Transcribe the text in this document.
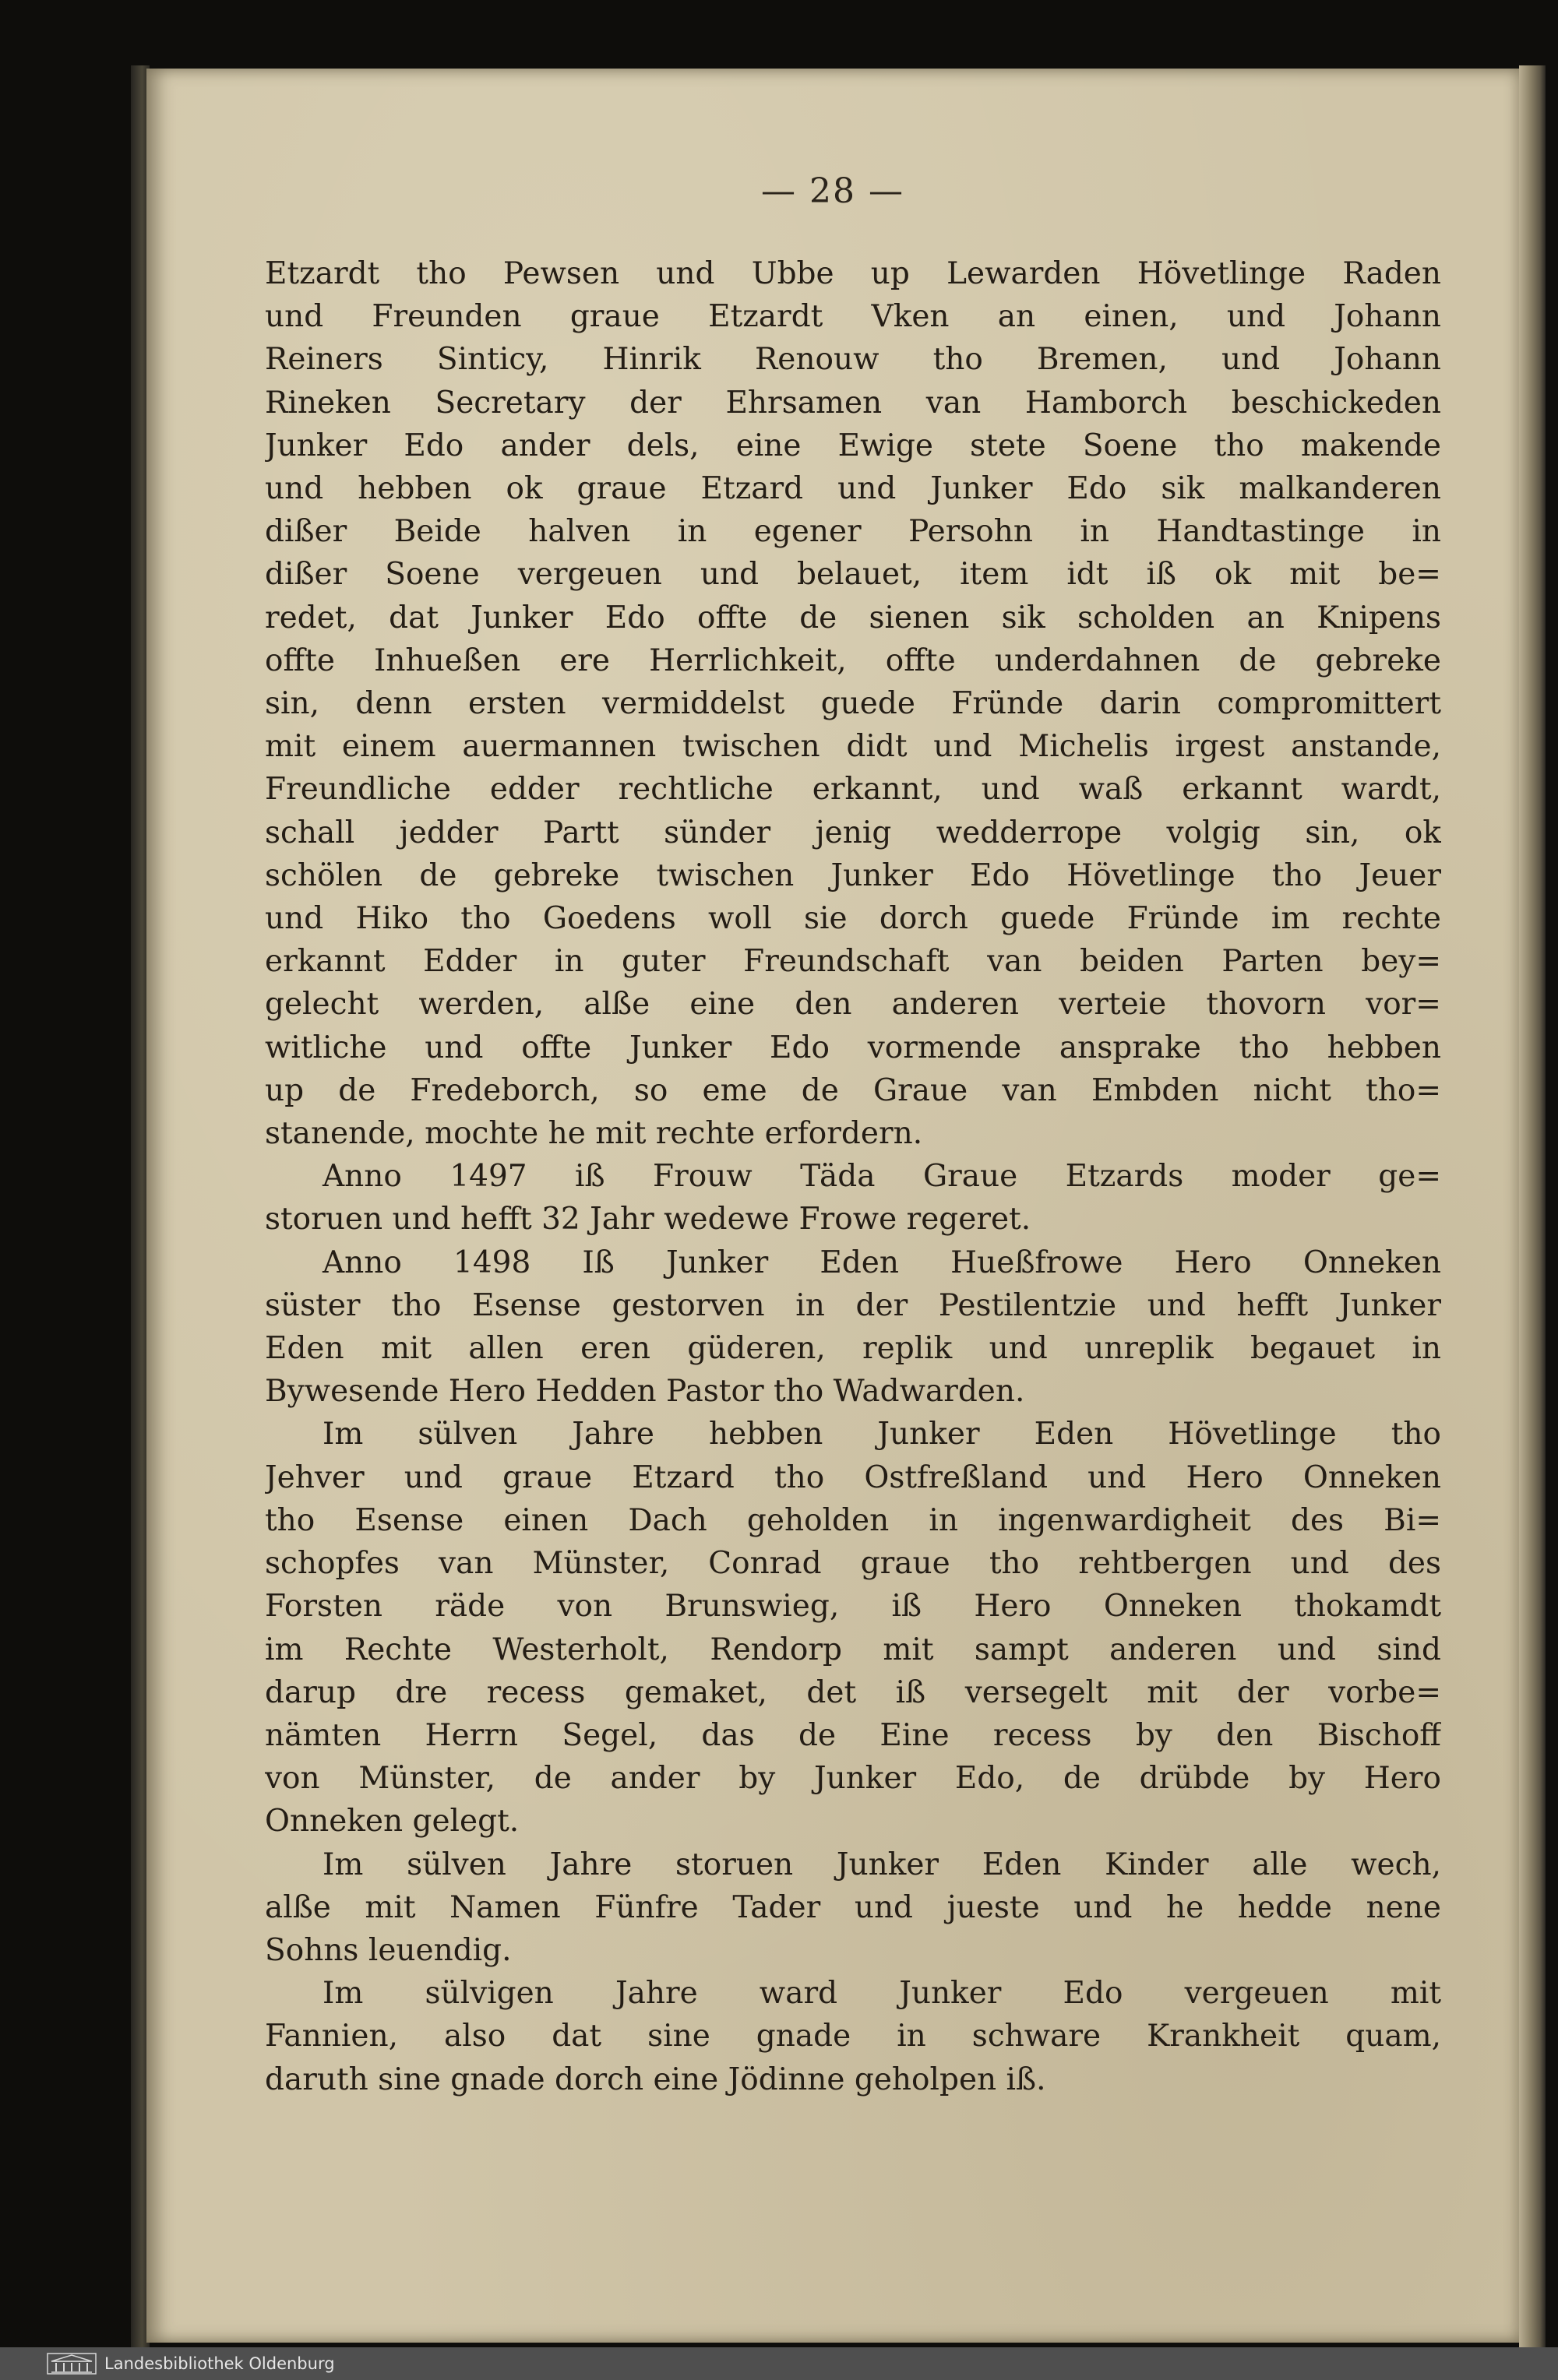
— 28 —
Etzardt tho Pewsen und Ubbe up Lewarden Hövetlinge Raden
und Freunden graue Etzardt Vken an einen, und Johann
Reiners Sinticy, Hinrik Renouw tho Bremen, und Johann
Rineken Secretary der Ehrsamen van Hamborch beschickeden
Junker Edo ander dels, eine Ewige stete Soene tho makende
und hebben ok graue Etzard und Junker Edo sik malkanderen
dißer Beide halven in egener Persohn in Handtastinge in
dißer Soene vergeuen und belauet, item idt iß ok mit be=
redet, dat Junker Edo offte de sienen sik scholden an Knipens
offte Inhueßen ere Herrlichkeit, offte underdahnen de gebreke
sin, denn ersten vermiddelst guede Fründe darin compromittert
mit einem auermannen twischen didt und Michelis irgest anstande,
Freundliche edder rechtliche erkannt, und waß erkannt wardt,
schall jedder Partt sünder jenig wedderrope volgig sin, ok
schölen de gebreke twischen Junker Edo Hövetlinge tho Jeuer
und Hiko tho Goedens woll sie dorch guede Fründe im rechte
erkannt Edder in guter Freundschaft van beiden Parten bey=
gelecht werden, alße eine den anderen verteie thovorn vor=
witliche und offte Junker Edo vormende ansprake tho hebben
up de Fredeborch, so eme de Graue van Embden nicht tho=
stanende, mochte he mit rechte erfordern.
Anno 1497 iß Frouw Täda Graue Etzards moder ge=
storuen und hefft 32 Jahr wedewe Frowe regeret.
Anno 1498 Iß Junker Eden Hueßfrowe Hero Onneken
süster tho Esense gestorven in der Pestilentzie und hefft Junker
Eden mit allen eren güderen, replik und unreplik begauet in
Bywesende Hero Hedden Pastor tho Wadwarden.
Im sülven Jahre hebben Junker Eden Hövetlinge tho
Jehver und graue Etzard tho Ostfreßland und Hero Onneken
tho Esense einen Dach geholden in ingenwardigheit des Bi=
schopfes van Münster, Conrad graue tho rehtbergen und des
Forsten räde von Brunswieg, iß Hero Onneken thokamdt
im Rechte Westerholt, Rendorp mit sampt anderen und sind
darup dre recess gemaket, det iß versegelt mit der vorbe=
nämten Herrn Segel, das de Eine recess by den Bischoff
von Münster, de ander by Junker Edo, de drübde by Hero
Onneken gelegt.
Im sülven Jahre storuen Junker Eden Kinder alle wech,
alße mit Namen Fünfre Tader und jueste und he hedde nene
Sohns leuendig.
Im sülvigen Jahre ward Junker Edo vergeuen mit
Fannien, also dat sine gnade in schware Krankheit quam,
daruth sine gnade dorch eine Jödinne geholpen iß.
Landesbibliothek Oldenburg
